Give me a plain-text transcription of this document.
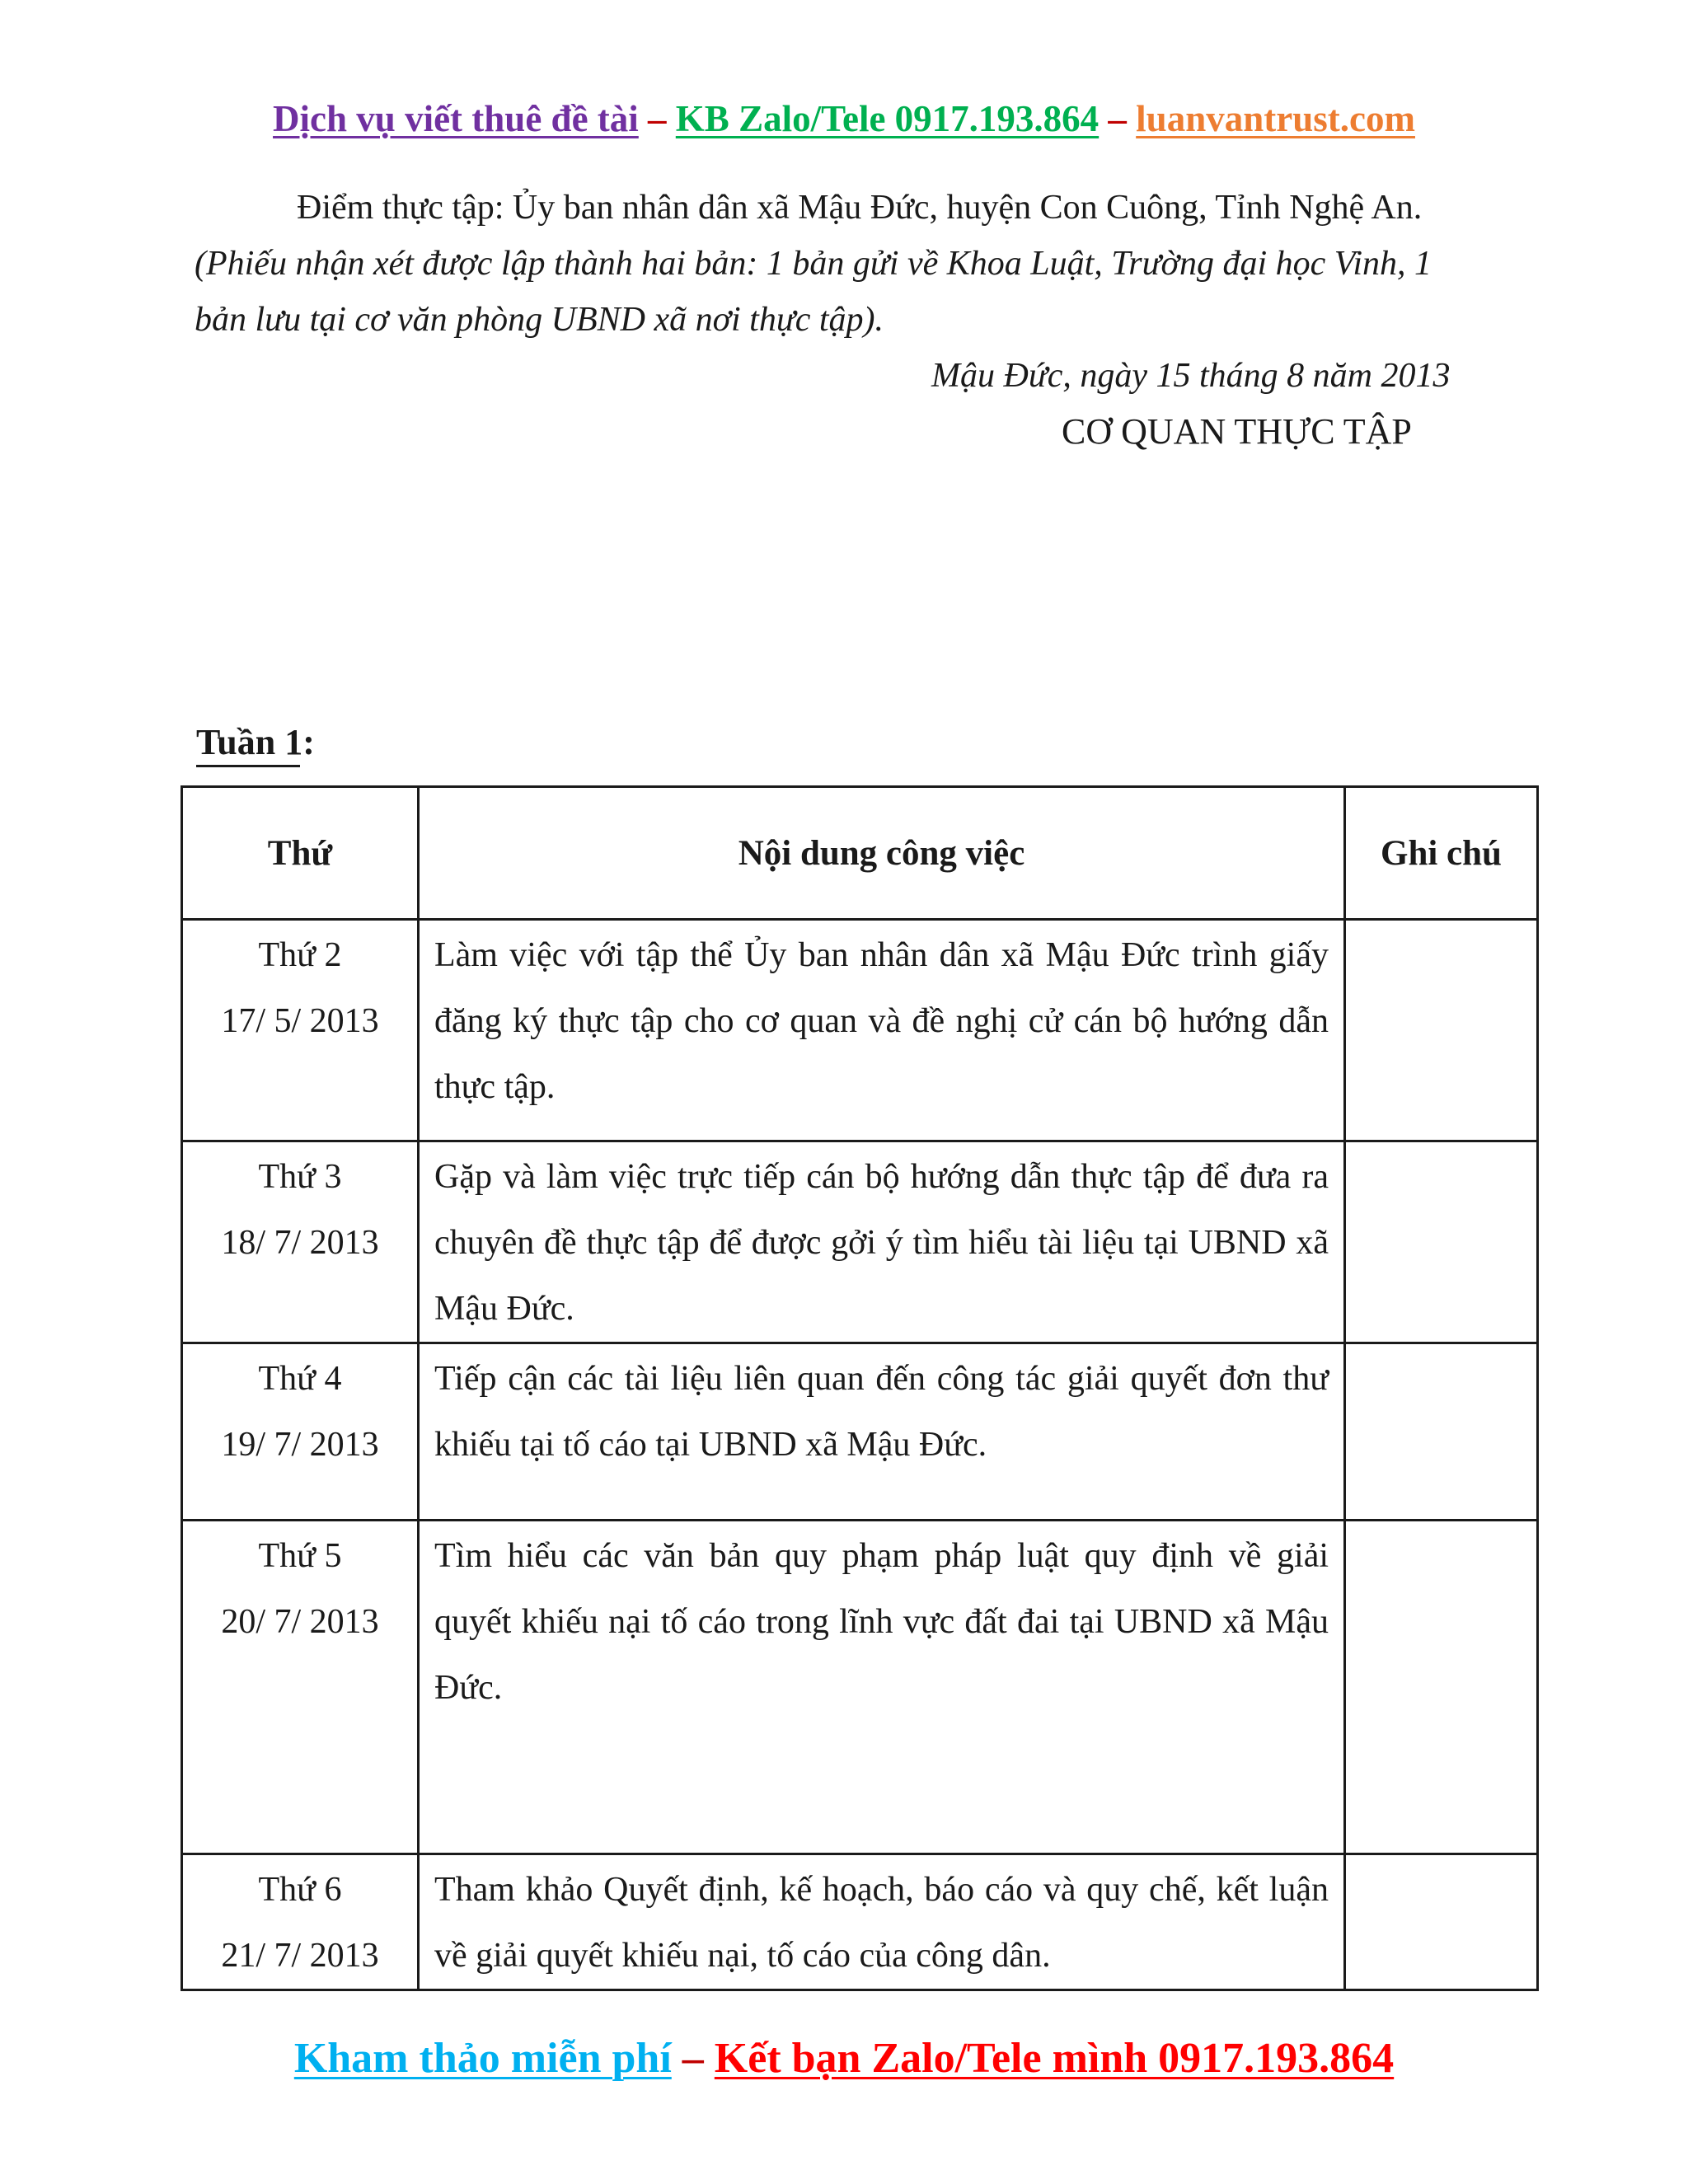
Dịch vụ viết thuê đề tài – KB Zalo/Tele 0917.193.864 – luanvantrust.com
Điểm thực tập: Ủy ban nhân dân xã Mậu Đức, huyện Con Cuông, Tỉnh Nghệ An.
(Phiếu nhận xét được lập thành hai bản: 1 bản gửi về Khoa Luật, Trường đại học Vinh, 1
bản lưu tại cơ văn phòng UBND xã nơi thực tập).
Mậu Đức, ngày 15 tháng 8 năm 2013
CƠ QUAN THỰC TẬP
Tuần 1:
Thứ	Nội dung công việc	Ghi chú

Thứ 2
17/ 5/ 2013	Làm việc với tập thể Ủy ban nhân dân xã Mậu Đức trình giấy đăng ký thực tập cho cơ quan và đề nghị cử cán bộ hướng dẫn thực tập.	

Thứ 3
18/ 7/ 2013	Gặp và làm việc trực tiếp cán bộ hướng dẫn thực tập để đưa ra chuyên đề thực tập để được gởi ý tìm hiểu tài liệu tại UBND xã Mậu Đức.	

Thứ 4
19/ 7/ 2013	Tiếp cận các tài liệu liên quan đến công tác giải quyết đơn thư khiếu tại tố cáo tại UBND xã Mậu Đức.	

Thứ 5
20/ 7/ 2013	Tìm hiểu các văn bản quy phạm pháp luật quy định về giải quyết khiếu nại tố cáo trong lĩnh vực đất đai tại UBND xã Mậu Đức.	

Thứ 6
21/ 7/ 2013	Tham khảo Quyết định, kế hoạch, báo cáo và quy chế, kết luận về giải quyết khiếu nại, tố cáo của công dân.	
Kham thảo miễn phí – Kết bạn Zalo/Tele mình 0917.193.864
